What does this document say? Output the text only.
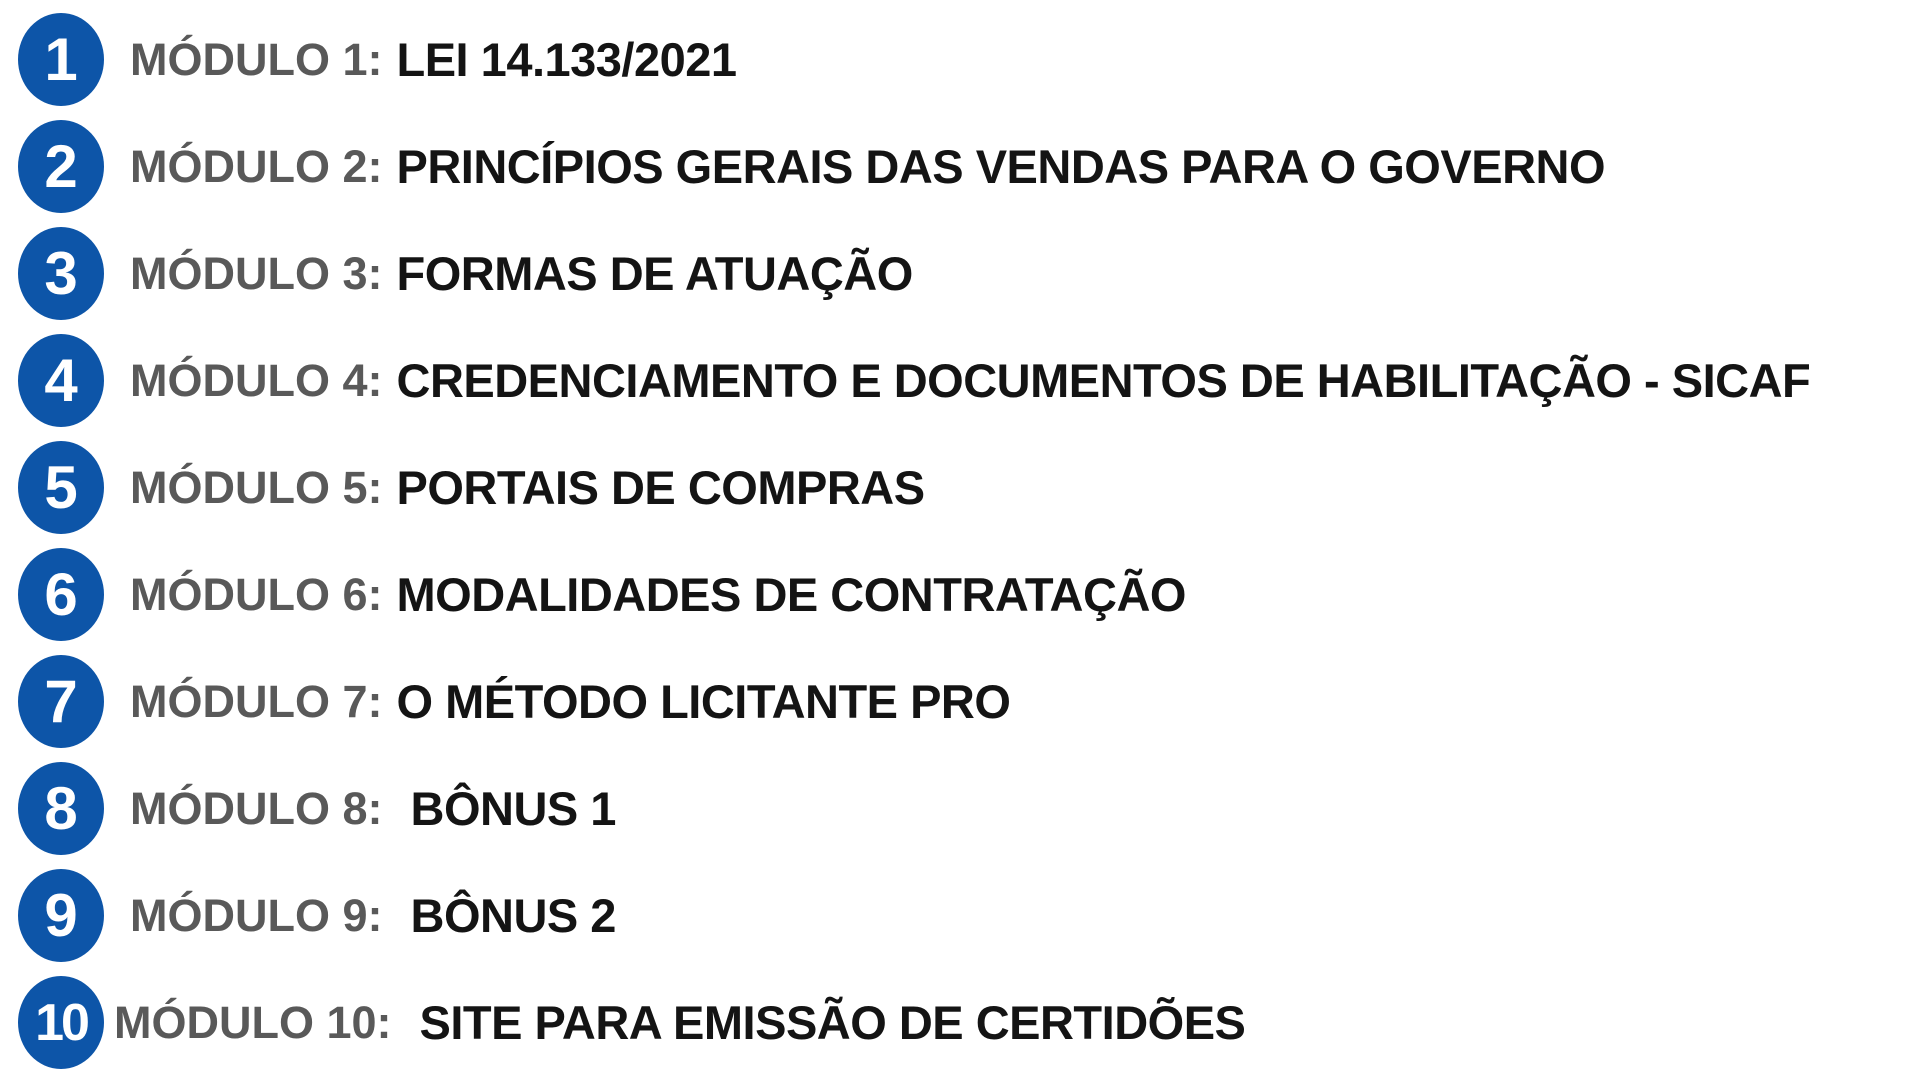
1 MÓDULO 1: LEI 14.133/2021
2 MÓDULO 2: PRINCÍPIOS GERAIS DAS VENDAS PARA O GOVERNO
3 MÓDULO 3: FORMAS DE ATUAÇÃO
4 MÓDULO 4: CREDENCIAMENTO E DOCUMENTOS DE HABILITAÇÃO - SICAF
5 MÓDULO 5: PORTAIS DE COMPRAS
6 MÓDULO 6: MODALIDADES DE CONTRATAÇÃO
7 MÓDULO 7: O MÉTODO LICITANTE PRO
8 MÓDULO 8: BÔNUS 1
9 MÓDULO 9: BÔNUS 2
10 MÓDULO 10: SITE PARA EMISSÃO DE CERTIDÕES
